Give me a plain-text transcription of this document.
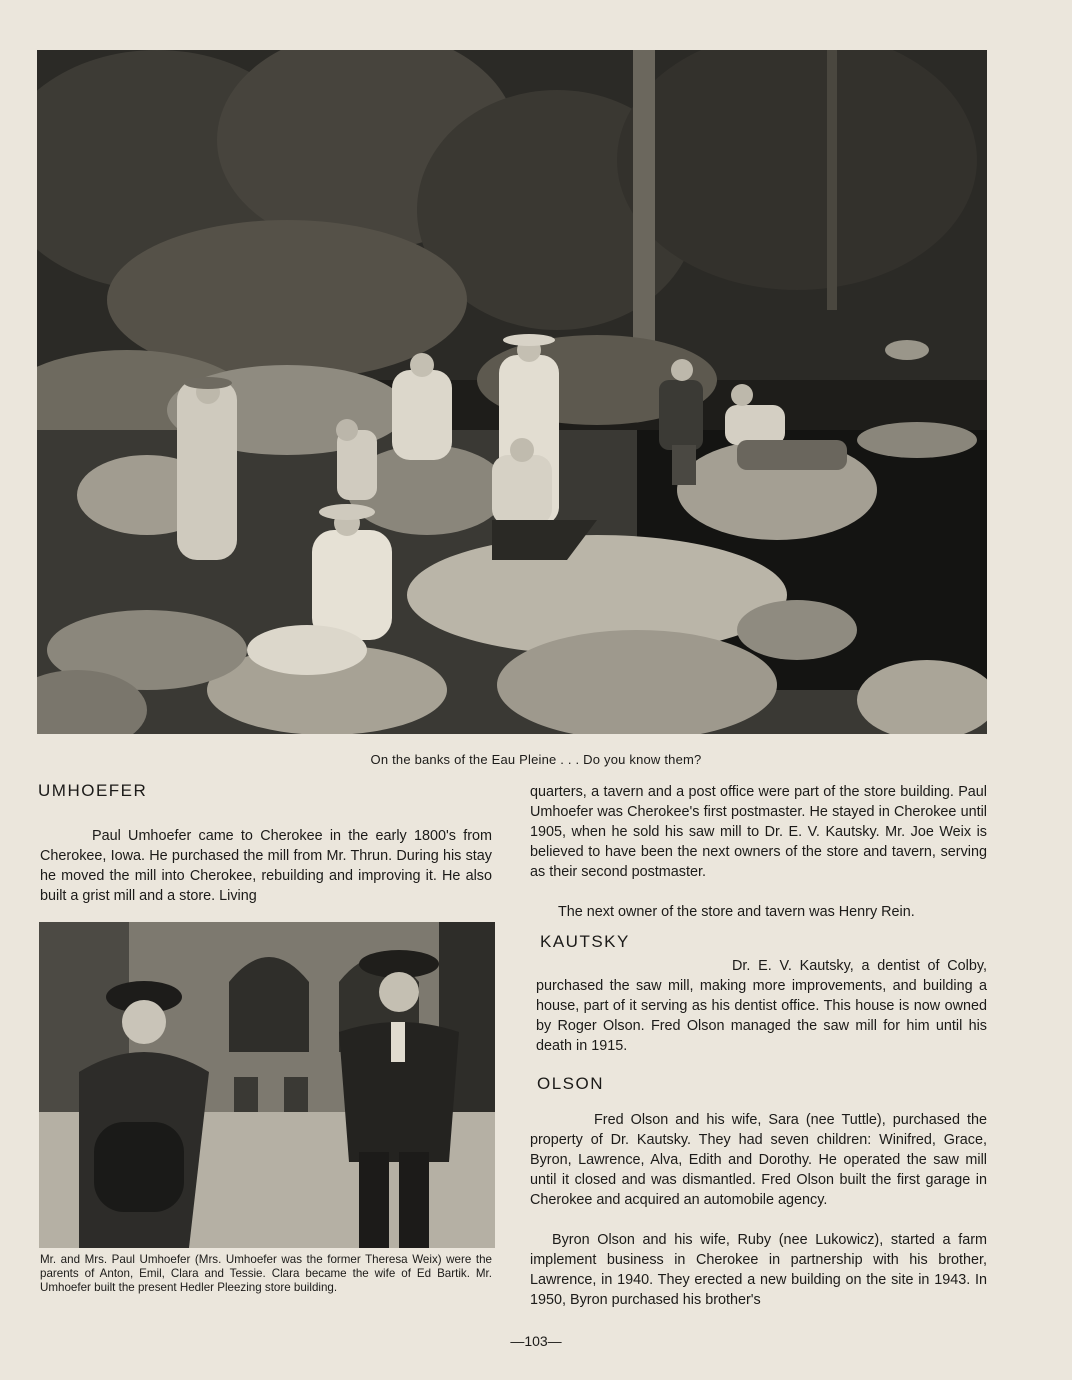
On the banks of the Eau Pleine . . . Do you know them?
UMHOEFER

Paul Umhoefer came to Cherokee in the early 1800's from Cherokee, Iowa. He purchased the mill from Mr. Thrun. During his stay he moved the mill into Cherokee, rebuilding and improving it. He also built a grist mill and a store. Living

Mr. and Mrs. Paul Umhoefer (Mrs. Umhoefer was the former Theresa Weix) were the parents of Anton, Emil, Clara and Tessie. Clara became the wife of Ed Bartik. Mr. Umhoefer built the present Hedler Pleezing store building.

quarters, a tavern and a post office were part of the store building. Paul Umhoefer was Cherokee's first postmaster. He stayed in Cherokee until 1905, when he sold his saw mill to Dr. E. V. Kautsky. Mr. Joe Weix is believed to have been the next owners of the store and tavern, serving as their second postmaster.

The next owner of the store and tavern was Henry Rein.

KAUTSKY

Dr. E. V. Kautsky, a dentist of Colby, purchased the saw mill, making more improvements, and building a house, part of it serving as his dentist office. This house is now owned by Roger Olson. Fred Olson managed the saw mill for him until his death in 1915.

OLSON

Fred Olson and his wife, Sara (nee Tuttle), purchased the property of Dr. Kautsky. They had seven children: Winifred, Grace, Byron, Lawrence, Alva, Edith and Dorothy. He operated the saw mill until it closed and was dismantled. Fred Olson built the first garage in Cherokee and acquired an automobile agency.

Byron Olson and his wife, Ruby (nee Lukowicz), started a farm implement business in Cherokee in partnership with his brother, Lawrence, in 1940. They erected a new building on the site in 1943. In 1950, Byron purchased his brother's

—103—
